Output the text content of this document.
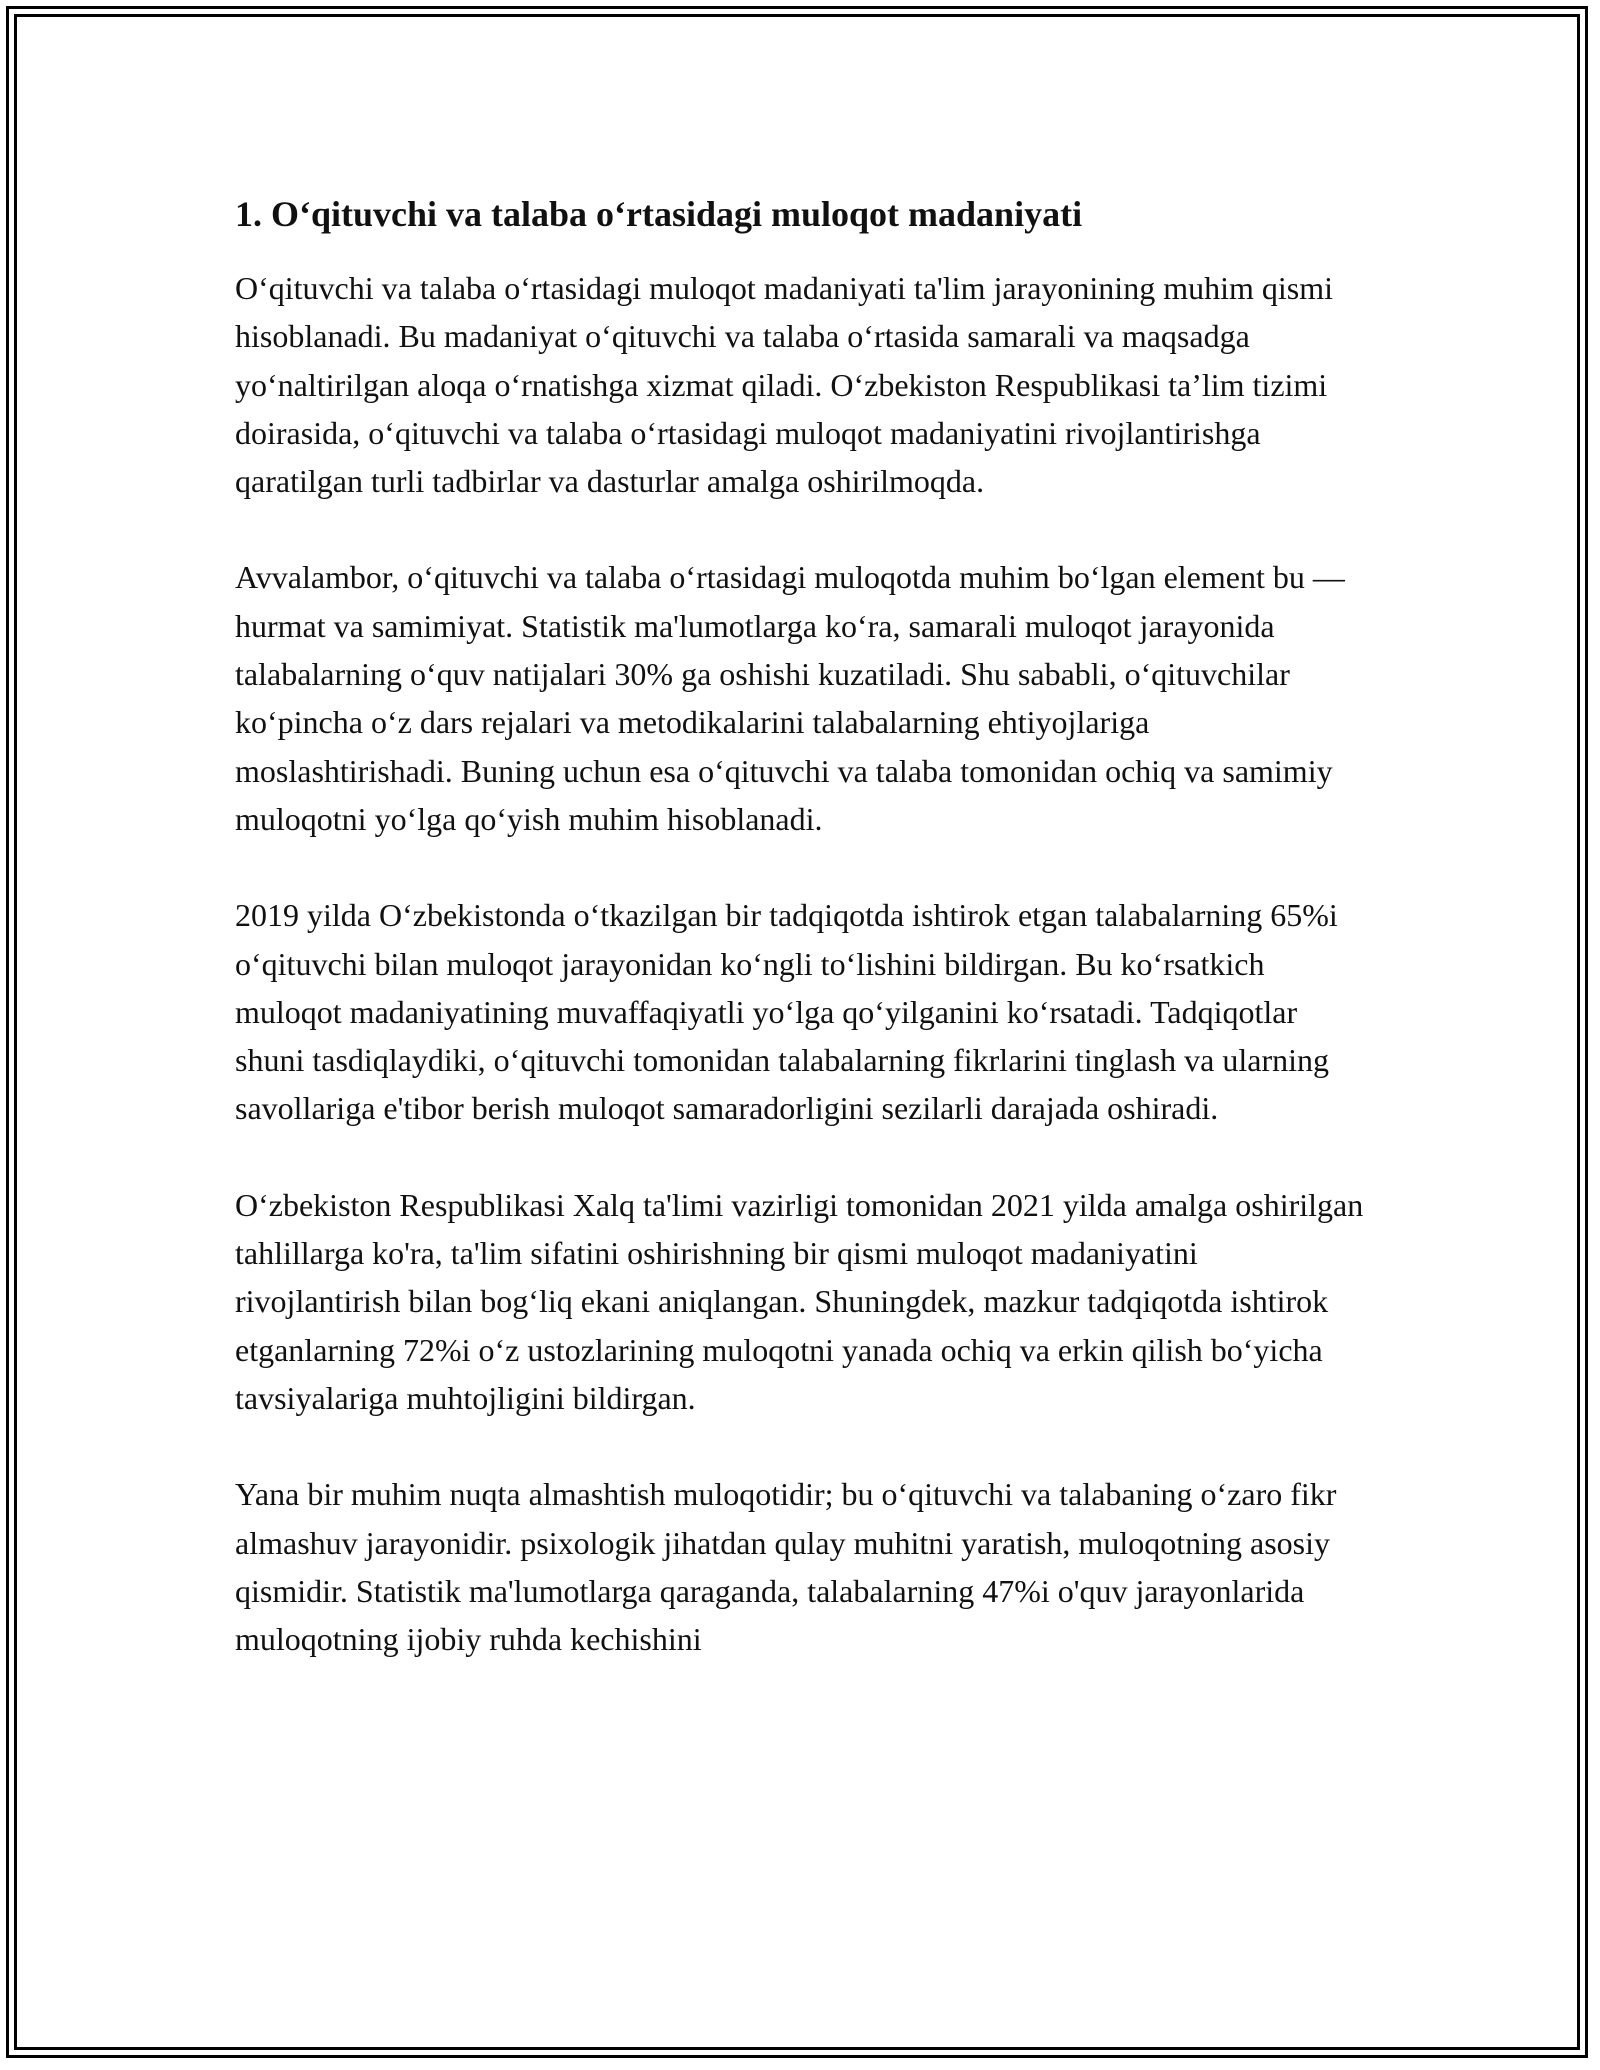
1. O‘qituvchi va talaba o‘rtasidagi muloqot madaniyati

O‘qituvchi va talaba o‘rtasidagi muloqot madaniyati ta'lim jarayonining muhim qismi hisoblanadi. Bu madaniyat o‘qituvchi va talaba o‘rtasida samarali va maqsadga yo‘naltirilgan aloqa o‘rnatishga xizmat qiladi. O‘zbekiston Respublikasi ta’lim tizimi doirasida, o‘qituvchi va talaba o‘rtasidagi muloqot madaniyatini rivojlantirishga qaratilgan turli tadbirlar va dasturlar amalga oshirilmoqda.

Avvalambor, o‘qituvchi va talaba o‘rtasidagi muloqotda muhim bo‘lgan element bu — hurmat va samimiyat. Statistik ma'lumotlarga ko‘ra, samarali muloqot jarayonida talabalarning o‘quv natijalari 30% ga oshishi kuzatiladi. Shu sababli, o‘qituvchilar ko‘pincha o‘z dars rejalari va metodikalarini talabalarning ehtiyojlariga moslashtirishadi. Buning uchun esa o‘qituvchi va talaba tomonidan ochiq va samimiy muloqotni yo‘lga qo‘yish muhim hisoblanadi.

2019 yilda O‘zbekistonda o‘tkazilgan bir tadqiqotda ishtirok etgan talabalarning 65%i o‘qituvchi bilan muloqot jarayonidan ko‘ngli to‘lishini bildirgan. Bu ko‘rsatkich muloqot madaniyatining muvaffaqiyatli yo‘lga qo‘yilganini ko‘rsatadi. Tadqiqotlar shuni tasdiqlaydiki, o‘qituvchi tomonidan talabalarning fikrlarini tinglash va ularning savollariga e'tibor berish muloqot samaradorligini sezilarli darajada oshiradi.

O‘zbekiston Respublikasi Xalq ta'limi vazirligi tomonidan 2021 yilda amalga oshirilgan tahlillarga ko'ra, ta'lim sifatini oshirishning bir qismi muloqot madaniyatini rivojlantirish bilan bog‘liq ekani aniqlangan. Shuningdek, mazkur tadqiqotda ishtirok etganlarning 72%i o‘z ustozlarining muloqotni yanada ochiq va erkin qilish bo‘yicha tavsiyalariga muhtojligini bildirgan.

Yana bir muhim nuqta almashtish muloqotidir; bu o‘qituvchi va talabaning o‘zaro fikr almashuv jarayonidir. psixologik jihatdan qulay muhitni yaratish, muloqotning asosiy qismidir. Statistik ma'lumotlarga qaraganda, talabalarning 47%i o'quv jarayonlarida muloqotning ijobiy ruhda kechishini
